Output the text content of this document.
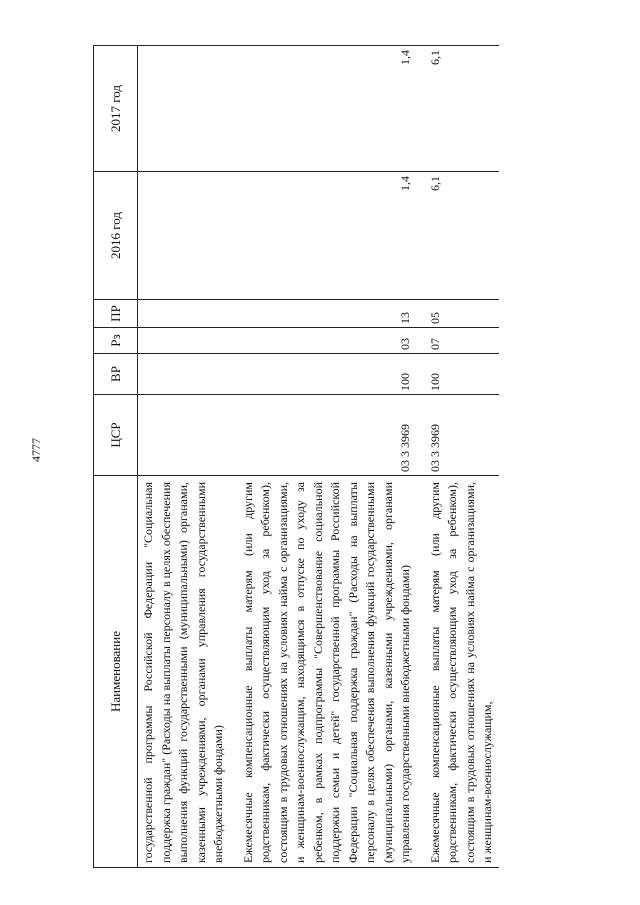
4777
Наименование
ЦСР
ВР
Рз
ПР
2016 год
2017 год
государственной программы Российской Федерации "Социальная поддержка граждан" (Расходы на выплаты персоналу в целях обеспечения выполнения функций государственными (муниципальными) органами, казенными учреждениями, органами управления государственными внебюджетными фондами)	Ежемесячные компенсационные выплаты матерям (или другим родственникам, фактически осуществляющим уход за ребенком), состоящим в трудовых отношениях на условиях найма с организациями, и женщинам-военнослужащим, находящимся в отпуске по уходу за ребенком, в рамках подпрограммы "Совершенствование социальной поддержки семьи и детей" государственной программы Российской Федерации "Социальная поддержка граждан" (Расходы на выплаты персоналу в целях обеспечения выполнения функций государственными (муниципальными) органами, казенными учреждениями, органами управления государственными внебюджетными фондами)
03 3 3969
100
03
13
1,4
1,4
Ежемесячные компенсационные выплаты матерям (или другим родственникам, фактически осуществляющим уход за ребенком), состоящим в трудовых отношениях на условиях найма с организациями, и женщинам-военнослужащим,
03 3 3969
100
07
05
6,1
6,1
